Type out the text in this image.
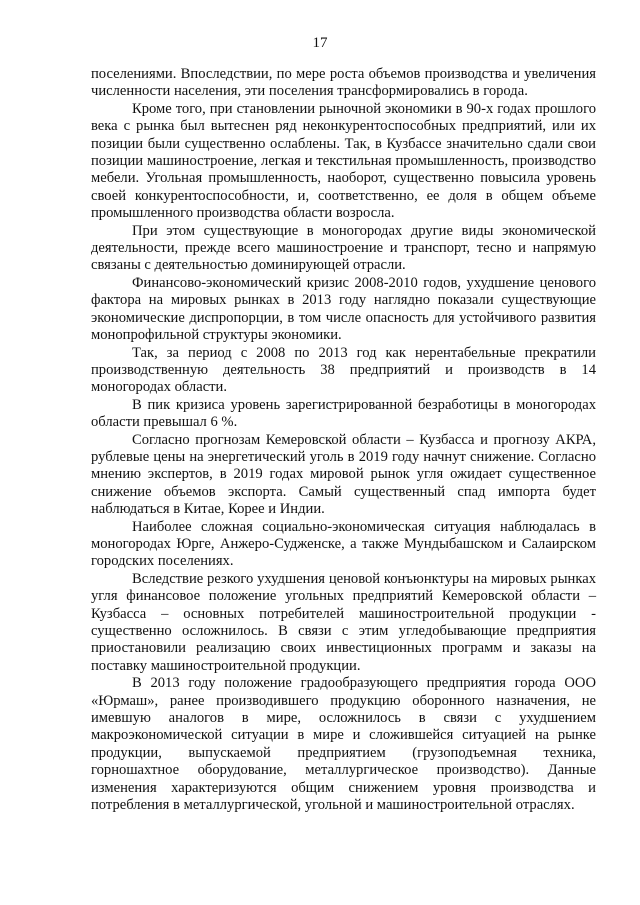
17

поселениями. Впоследствии, по мере роста объемов производства и увеличения численности населения, эти поселения трансформировались в города.

Кроме того, при становлении рыночной экономики в 90-х годах прошлого века с рынка был вытеснен ряд неконкурентоспособных предприятий, или их позиции были существенно ослаблены. Так, в Кузбассе значительно сдали свои позиции машиностроение, легкая и текстильная промышленность, производство мебели. Угольная промышленность, наоборот, существенно повысила уровень своей конкурентоспособности, и, соответственно, ее доля в общем объеме промышленного производства области возросла.

При этом существующие в моногородах другие виды экономической деятельности, прежде всего машиностроение и транспорт, тесно и напрямую связаны с деятельностью доминирующей отрасли.

Финансово-экономический кризис 2008-2010 годов, ухудшение ценового фактора на мировых рынках в 2013 году наглядно показали существующие экономические диспропорции, в том числе опасность для устойчивого развития монопрофильной структуры экономики.

Так, за период с 2008 по 2013 год как нерентабельные прекратили производственную деятельность 38 предприятий и производств в 14 моногородах области.

В пик кризиса уровень зарегистрированной безработицы в моногородах области превышал 6 %.

Согласно прогнозам Кемеровской области – Кузбасса и прогнозу АКРА, рублевые цены на энергетический уголь в 2019 году начнут снижение. Согласно мнению экспертов, в 2019 годах мировой рынок угля ожидает существенное снижение объемов экспорта. Самый существенный спад импорта будет наблюдаться в Китае, Корее и Индии.

Наиболее сложная социально-экономическая ситуация наблюдалась в моногородах Юрге, Анжеро-Судженске, а также Мундыбашском и Салаирском городских поселениях.

Вследствие резкого ухудшения ценовой конъюнктуры на мировых рынках угля финансовое положение угольных предприятий Кемеровской области – Кузбасса – основных потребителей машиностроительной продукции - существенно осложнилось. В связи с этим угледобывающие предприятия приостановили реализацию своих инвестиционных программ и заказы на поставку машиностроительной продукции.

В 2013 году положение градообразующего предприятия города ООО «Юрмаш», ранее производившего продукцию оборонного назначения, не имевшую аналогов в мире, осложнилось в связи с ухудшением макроэкономической ситуации в мире и сложившейся ситуацией на рынке продукции, выпускаемой предприятием (грузоподъемная техника, горношахтное оборудование, металлургическое производство). Данные изменения характеризуются общим снижением уровня производства и потребления в металлургической, угольной и машиностроительной отраслях.
